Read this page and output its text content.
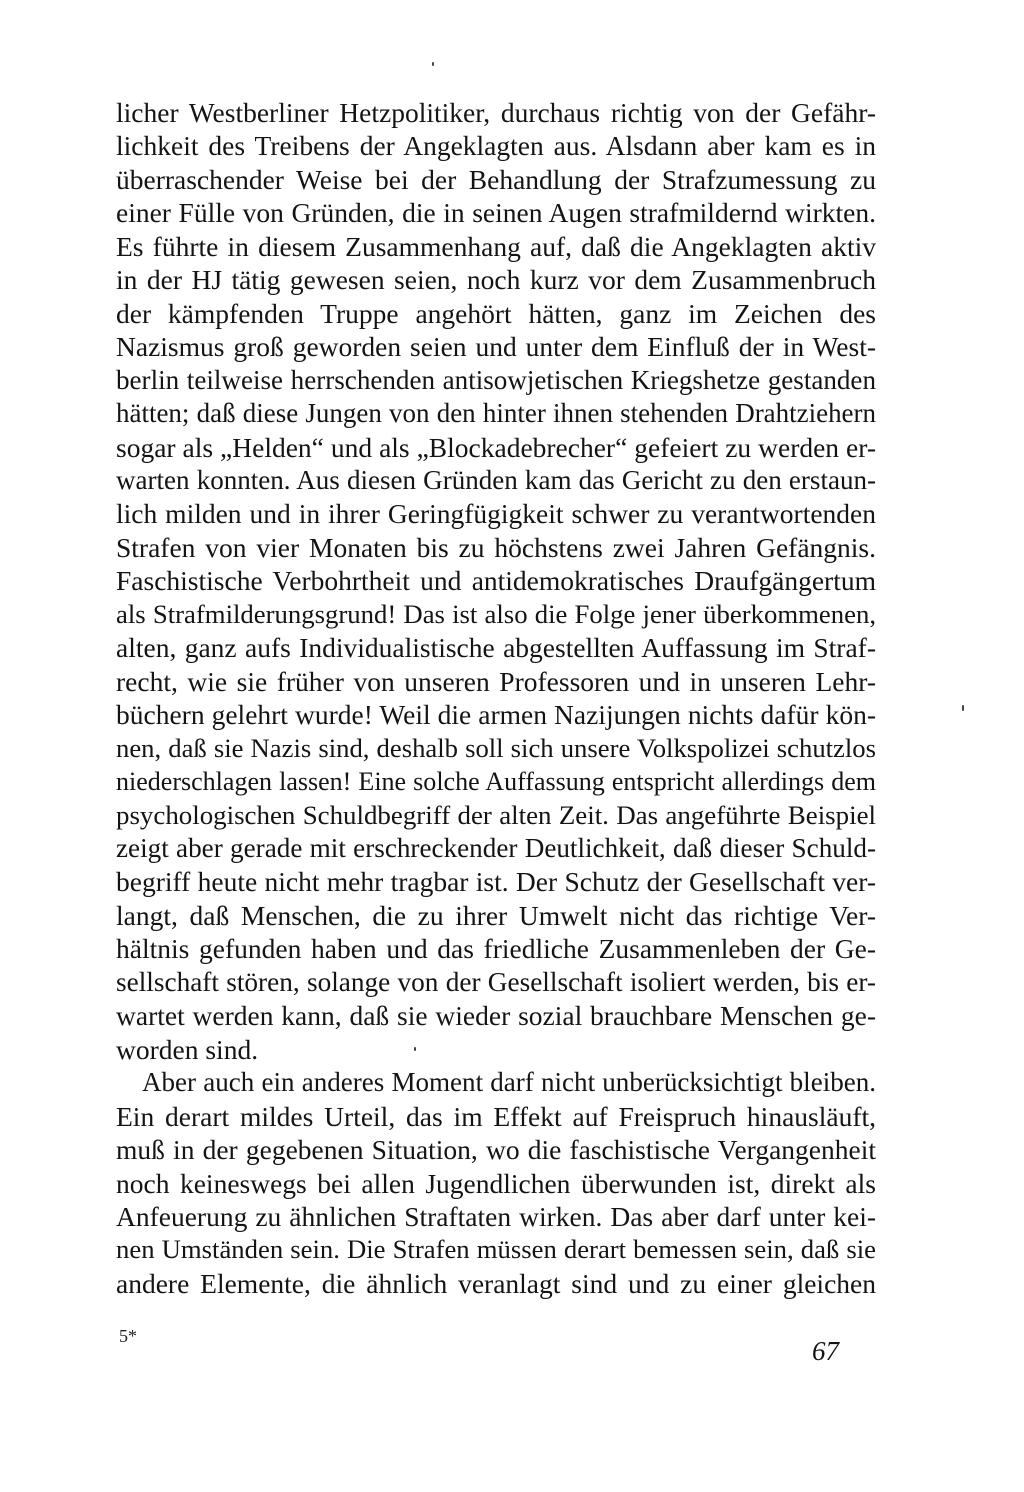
licher Westberliner Hetzpolitiker, durchaus richtig von der Gefähr-
lichkeit des Treibens der Angeklagten aus. Alsdann aber kam es in
überraschender Weise bei der Behandlung der Strafzumessung zu
einer Fülle von Gründen, die in seinen Augen strafmildernd wirkten.
Es führte in diesem Zusammenhang auf, daß die Angeklagten aktiv
in der HJ tätig gewesen seien, noch kurz vor dem Zusammenbruch
der kämpfenden Truppe angehört hätten, ganz im Zeichen des
Nazismus groß geworden seien und unter dem Einfluß der in West-
berlin teilweise herrschenden antisowjetischen Kriegshetze gestanden
hätten; daß diese Jungen von den hinter ihnen stehenden Drahtziehern
sogar als „Helden“ und als „Blockadebrecher“ gefeiert zu werden er-
warten konnten. Aus diesen Gründen kam das Gericht zu den erstaun-
lich milden und in ihrer Geringfügigkeit schwer zu verantwortenden
Strafen von vier Monaten bis zu höchstens zwei Jahren Gefängnis.
Faschistische Verbohrtheit und antidemokratisches Draufgängertum
als Strafmilderungsgrund! Das ist also die Folge jener überkommenen,
alten, ganz aufs Individualistische abgestellten Auffassung im Straf-
recht, wie sie früher von unseren Professoren und in unseren Lehr-
büchern gelehrt wurde! Weil die armen Nazijungen nichts dafür kön-
nen, daß sie Nazis sind, deshalb soll sich unsere Volkspolizei schutzlos
niederschlagen lassen! Eine solche Auffassung entspricht allerdings dem
psychologischen Schuldbegriff der alten Zeit. Das angeführte Beispiel
zeigt aber gerade mit erschreckender Deutlichkeit, daß dieser Schuld-
begriff heute nicht mehr tragbar ist. Der Schutz der Gesellschaft ver-
langt, daß Menschen, die zu ihrer Umwelt nicht das richtige Ver-
hältnis gefunden haben und das friedliche Zusammenleben der Ge-
sellschaft stören, solange von der Gesellschaft isoliert werden, bis er-
wartet werden kann, daß sie wieder sozial brauchbare Menschen ge-
worden sind.
Aber auch ein anderes Moment darf nicht unberücksichtigt bleiben.
Ein derart mildes Urteil, das im Effekt auf Freispruch hinausläuft,
muß in der gegebenen Situation, wo die faschistische Vergangenheit
noch keineswegs bei allen Jugendlichen überwunden ist, direkt als
Anfeuerung zu ähnlichen Straftaten wirken. Das aber darf unter kei-
nen Umständen sein. Die Strafen müssen derart bemessen sein, daß sie
andere Elemente, die ähnlich veranlagt sind und zu einer gleichen
5*	67
